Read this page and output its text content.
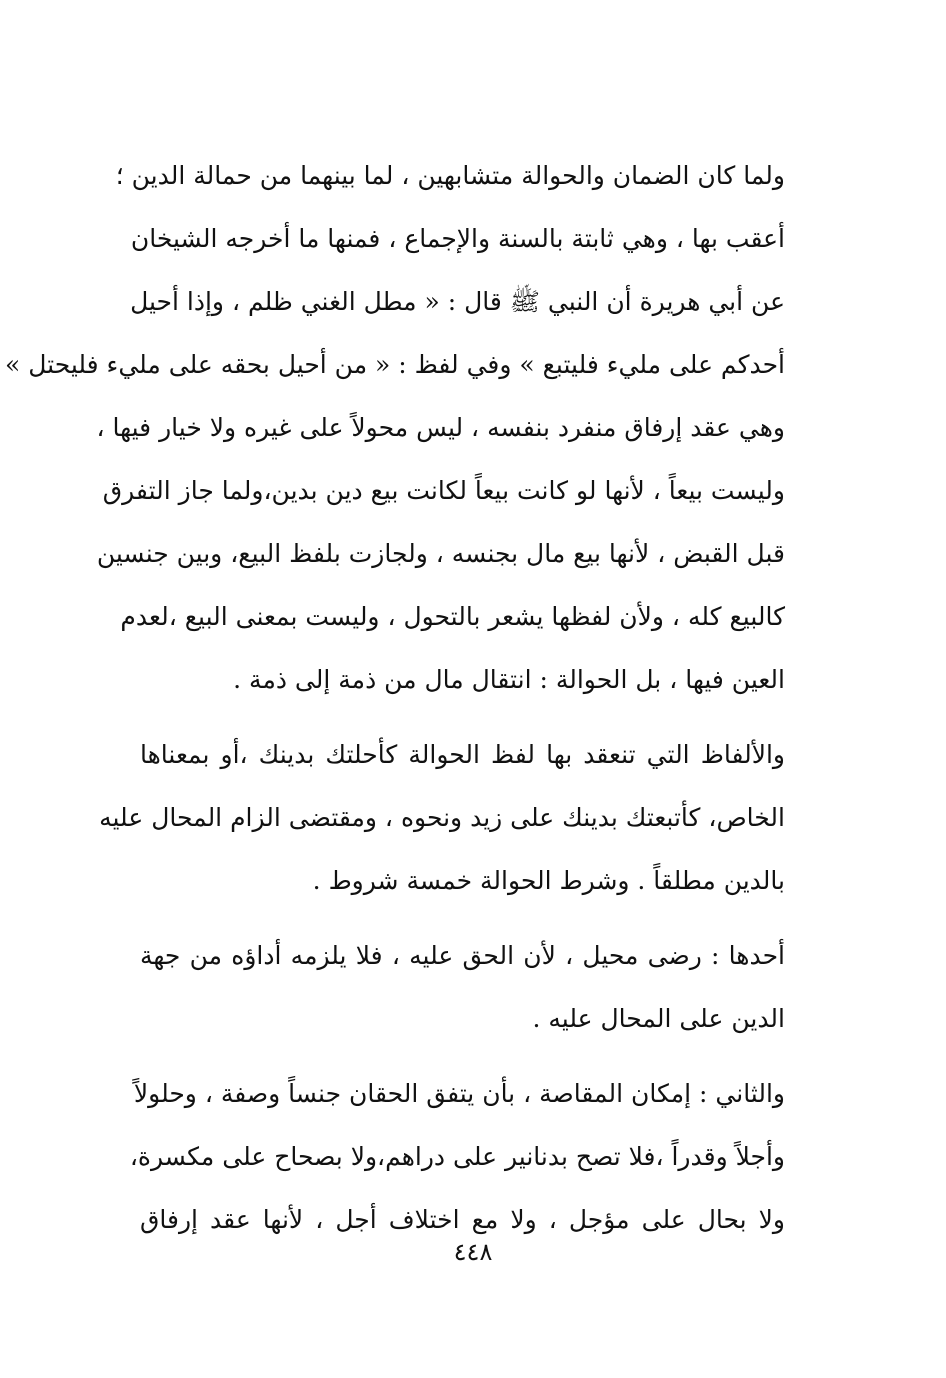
ولما كان الضمان والحوالة متشابهين ، لما بينهما من حمالة الدين ؛
أعقب بها ، وهي ثابتة بالسنة والإجماع ، فمنها ما أخرجه الشيخان
عن أبي هريرة أن النبي ﷺ قال : « مطل الغني ظلم ، وإذا أحيل
أحدكم على مليء فليتبع » وفي لفظ : « من أحيل بحقه على مليء فليحتل »
وهي عقد إرفاق منفرد بنفسه ، ليس محولاً على غيره ولا خيار فيها ،
وليست بيعاً ، لأنها لو كانت بيعاً لكانت بيع دين بدين،ولما جاز التفرق
قبل القبض ، لأنها بيع مال بجنسه ، ولجازت بلفظ البيع، وبين جنسين
كالبيع كله ، ولأن لفظها يشعر بالتحول ، وليست بمعنى البيع ،لعدم
العين فيها ، بل الحوالة : انتقال مال من ذمة إلى ذمة .
والألفاظ التي تنعقد بها لفظ الحوالة كأحلتك بدينك ،أو بمعناها
الخاص، كأتبعتك بدينك على زيد ونحوه ، ومقتضى الزام المحال عليه
بالدين مطلقاً . وشرط الحوالة خمسة شروط .
أحدها : رضى محيل ، لأن الحق عليه ، فلا يلزمه أداؤه من جهة
الدين على المحال عليه .
والثاني : إمكان المقاصة ، بأن يتفق الحقان جنساً وصفة ، وحلولاً
وأجلاً وقدراً ،فلا تصح بدنانير على دراهم،ولا بصحاح على مكسرة،
ولا بحال على مؤجل ، ولا مع اختلاف أجل ، لأنها عقد إرفاق
٤٤٨
